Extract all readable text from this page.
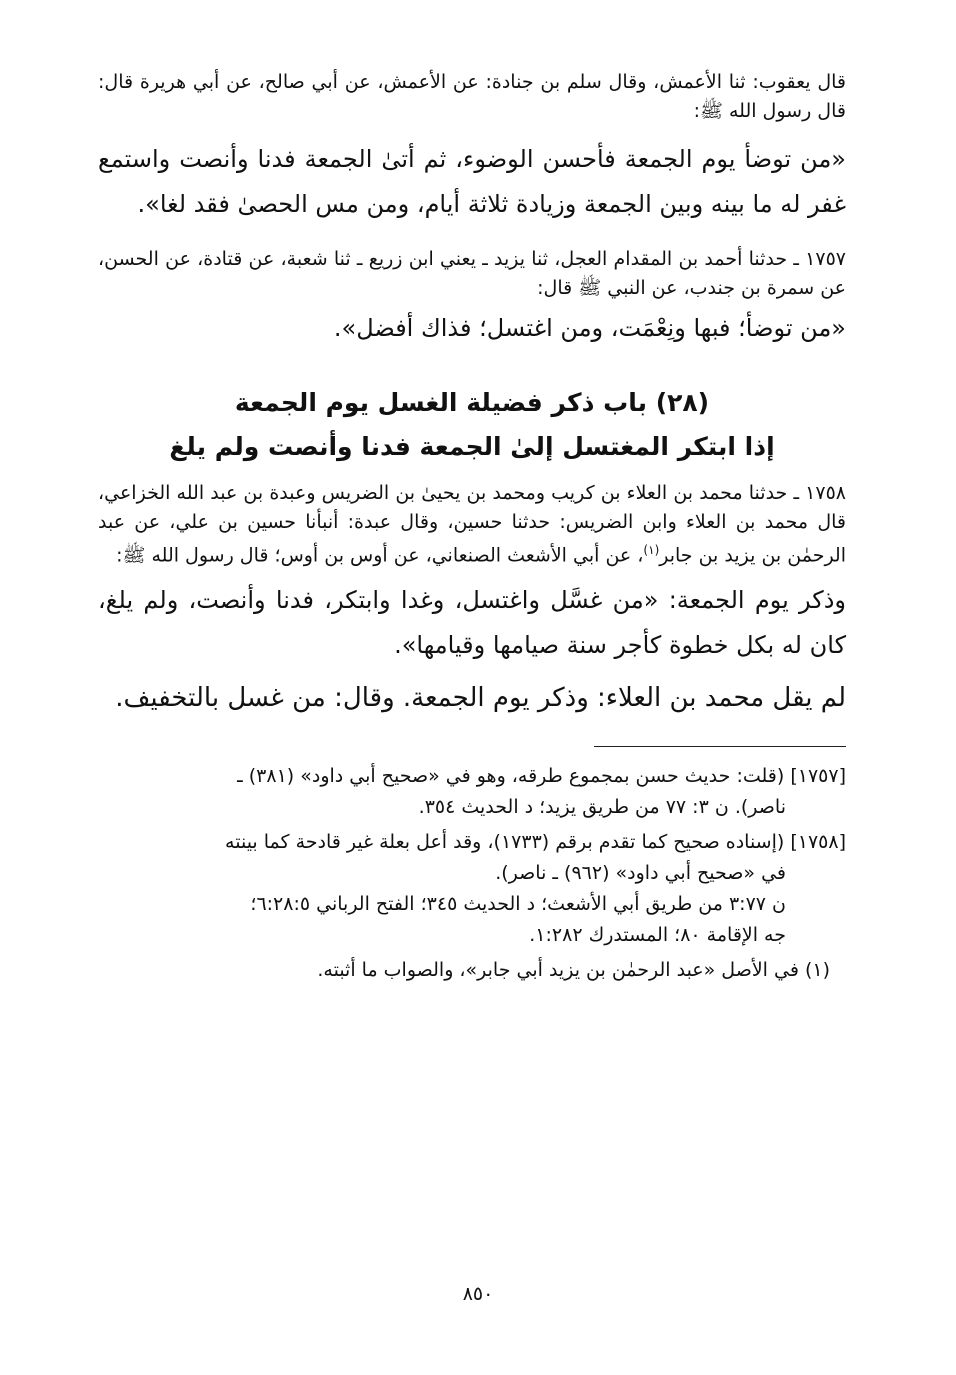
قال يعقوب: ثنا الأعمش، وقال سلم بن جنادة: عن الأعمش، عن أبي صالح، عن أبي هريرة قال: قال رسول الله ﷺ:
«من توضأ يوم الجمعة فأحسن الوضوء، ثم أتىٰ الجمعة فدنا وأنصت واستمع غفر له ما بينه وبين الجمعة وزيادة ثلاثة أيام، ومن مس الحصىٰ فقد لغا».
١٧٥٧ ـ حدثنا أحمد بن المقدام العجل، ثنا يزيد ـ يعني ابن زريع ـ ثنا شعبة، عن قتادة، عن الحسن، عن سمرة بن جندب، عن النبي ﷺ قال:
«من توضأ؛ فبها ونِعْمَت، ومن اغتسل؛ فذاك أفضل».
(٢٨) باب ذكر فضيلة الغسل يوم الجمعة
إذا ابتكر المغتسل إلىٰ الجمعة فدنا وأنصت ولم يلغ
١٧٥٨ ـ حدثنا محمد بن العلاء بن كريب ومحمد بن يحيىٰ بن الضريس وعبدة بن عبد الله الخزاعي، قال محمد بن العلاء وابن الضريس: حدثنا حسين، وقال عبدة: أنبأنا حسين بن علي، عن عبد الرحمٰن بن يزيد بن جابر$^{(١)}$، عن أبي الأشعث الصنعاني، عن أوس بن أوس؛ قال رسول الله ﷺ:
وذكر يوم الجمعة: «من غسَّل واغتسل، وغدا وابتكر، فدنا وأنصت، ولم يلغ، كان له بكل خطوة كأجر سنة صيامها وقيامها».
لم يقل محمد بن العلاء: وذكر يوم الجمعة. وقال: من غسل بالتخفيف.
[١٧٥٧] (قلت: حديث حسن بمجموع طرقه، وهو في «صحيح أبي داود» (٣٨١) ـ
ناصر). ن ٣: ٧٧ من طريق يزيد؛ د الحديث ٣٥٤.
[١٧٥٨] (إسناده صحيح كما تقدم برقم (١٧٣٣)، وقد أعل بعلة غير قادحة كما بينته
في «صحيح أبي داود» (٩٦٢) ـ ناصر).
ن ٣:٧٧ من طريق أبي الأشعث؛ د الحديث ٣٤٥؛ الفتح الرباني ٦:٢٨:٥؛
جه الإقامة ٨٠؛ المستدرك ١:٢٨٢.
(١) في الأصل «عبد الرحمٰن بن يزيد أبي جابر»، والصواب ما أثبته.
٨٥٠
